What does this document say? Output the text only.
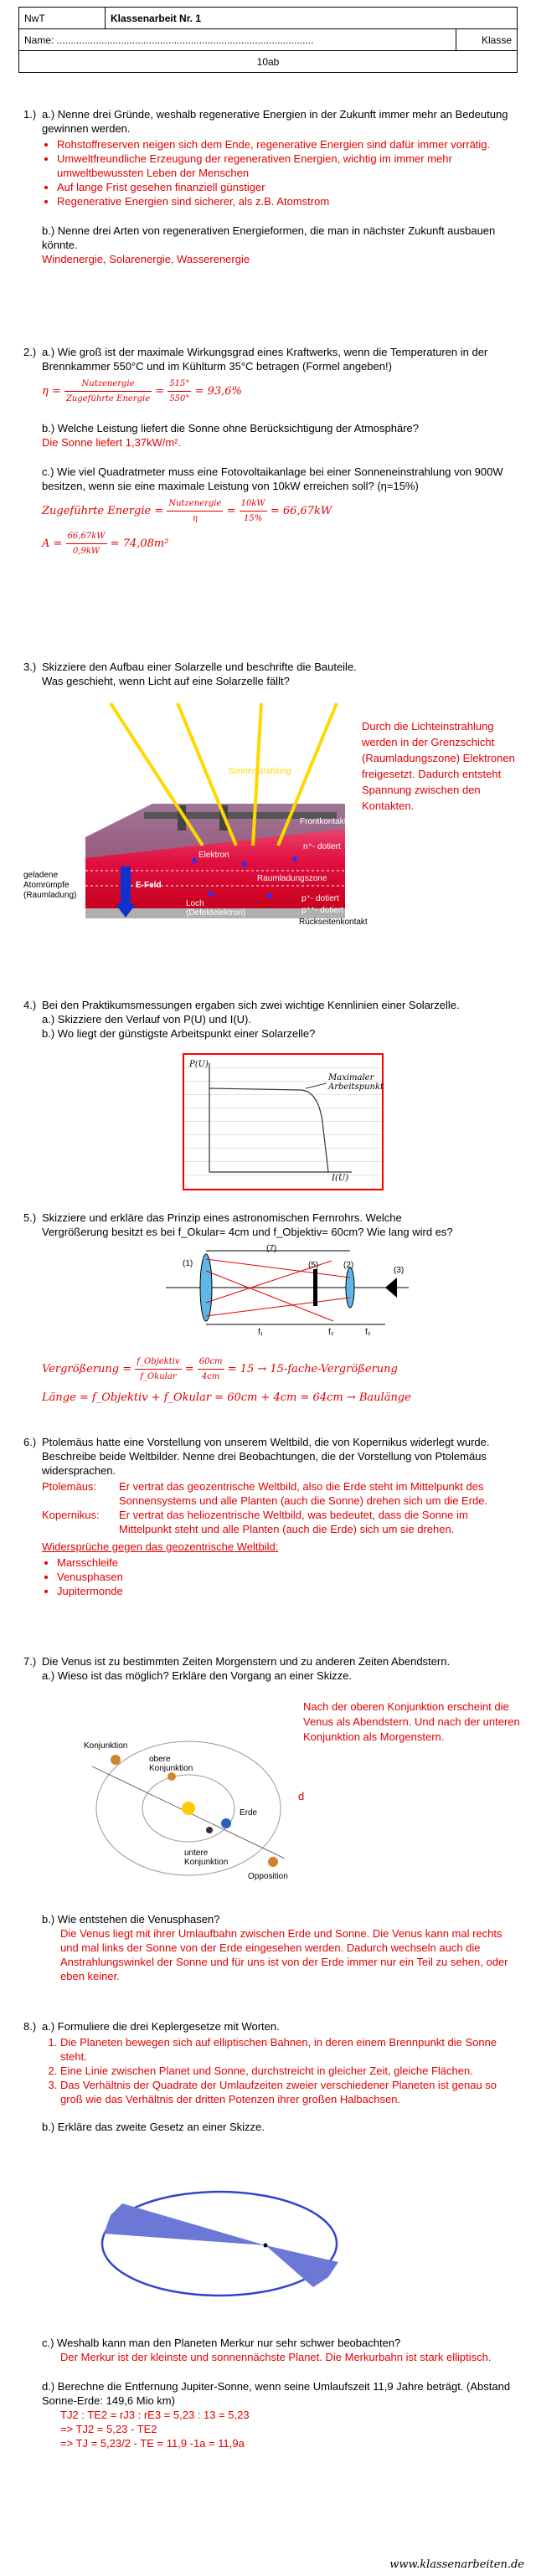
NwT	Klassenarbeit Nr. 1	
Name: ............................................................................................		Klasse
10ab		
1.) a.) Nenne drei Gründe, weshalb regenerative Energien in der Zukunft immer mehr an Bedeutung gewinnen werden.

• Rohstoffreserven neigen sich dem Ende, regenerative Energien sind dafür immer vorrätig.
• Umweltfreundliche Erzeugung der regenerativen Energien, wichtig im immer mehr umweltbewussten Leben der Menschen
• Auf lange Frist gesehen finanziell günstiger
• Regenerative Energien sind sicherer, als z.B. Atomstrom

b.) Nenne drei Arten von regenerativen Energieformen, die man in nächster Zukunft ausbauen könnte.

Windenergie, Solarenergie, Wasserenergie

2.) a.) Wie groß ist der maximale Wirkungsgrad eines Kraftwerks, wenn die Temperaturen in der Brennkammer 550°C und im Kühlturm 35°C betragen (Formel angeben!)

$\eta = \frac{\text{Nutzenergie}}{\text{Zugeführte Energie}} = \frac{515^\circ}{550^\circ} = 93,6\%$

b.) Welche Leistung liefert die Sonne ohne Berücksichtigung der Atmosphäre?

Die Sonne liefert 1,37kW/m².

c.) Wie viel Quadratmeter muss eine Fotovoltaikanlage bei einer Sonneneinstrahlung von 900W besitzen, wenn sie eine maximale Leistung von 10kW erreichen soll? (η=15%)

Zugeführte Energie = $\frac{\text{Nutzenergie}}{\eta} = \frac{10kW}{15\%} = 66,67kW$

$A = \frac{66,67kW}{0,9kW} = 74,08m^2$

3.) Skizziere den Aufbau einer Solarzelle und beschrifte die Bauteile.

Was geschieht, wenn Licht auf eine Solarzelle fällt?

Sonnenstrahlung
Frontkontakt
n⁺- dotiert
Elektron
Raumladungszone
E-Feld
geladene Atomrümpfe (Raumladung)
Loch (Defektelektron)
p⁺- dotiert
p⁺⁺- dotiert
Rückseitenkontakt

Durch die Lichteinstrahlung werden in der Grenzschicht (Raumladungszone) Elektronen freigesetzt. Dadurch entsteht Spannung zwischen den Kontakten.

4.) Bei den Praktikumsmessungen ergaben sich zwei wichtige Kennlinien einer Solarzelle.

a.) Skizziere den Verlauf von P(U) und I(U).

b.) Wo liegt der günstigste Arbeitspunkt einer Solarzelle?

P(U)
I(U)
Maximaler Arbeitspunkt
5.) Skizziere und erkläre das Prinzip eines astronomischen Fernrohrs. Welche

Vergrößerung besitzt es bei f_Okular= 4cm und f_Objektiv= 60cm? Wie lang wird es?

(1)
(7)
(5)	(2)
(3)
f₁	f₂	f₂

Vergrößerung = $\frac{\text{f\_Objektiv}}{\text{f\_Okular}} = \frac{60cm}{4cm} = 15$ → 15-fache-Vergrößerung

Länge = f_Objektiv + f_Okular = 60cm + 4cm = 64cm → Baulänge

6.) Ptolemäus hatte eine Vorstellung von unserem Weltbild, die von Kopernikus widerlegt wurde. Beschreibe beide Weltbilder. Nenne drei Beobachtungen, die der Vorstellung von Ptolemäus widersprachen.

Ptolemäus:	Er vertrat das geozentrische Weltbild, also die Erde steht im Mittelpunkt des Sonnensystems und alle Planten (auch die Sonne) drehen sich um die Erde.
Kopernikus:	Er vertrat das heliozentrische Weltbild, was bedeutet, dass die Sonne im Mittelpunkt steht und alle Planten (auch die Erde) sich um sie drehen.

Widersprüche gegen das geozentrische Weltbild:

• Marsschleife
• Venusphasen
• Jupitermonde
7.) Die Venus ist zu bestimmten Zeiten Morgenstern und zu anderen Zeiten Abendstern.

a.) Wieso ist das möglich? Erkläre den Vorgang an einer Skizze.

Nach der oberen Konjunktion erscheint die Venus als Abendstern. Und nach der unteren Konjunktion als Morgenstern.

d
Konjunktion
obere Konjunktion
untere Konjunktion
Erde
Opposition

b.) Wie entstehen die Venusphasen?

Die Venus liegt mit ihrer Umlaufbahn zwischen Erde und Sonne. Die Venus kann mal rechts und mal links der Sonne von der Erde eingesehen werden. Dadurch wechseln auch die Anstrahlungswinkel der Sonne und für uns ist von der Erde immer nur ein Teil zu sehen, oder eben keiner.

8.) a.) Formuliere die drei Keplergesetze mit Worten.

1. Die Planeten bewegen sich auf elliptischen Bahnen, in deren einem Brennpunkt die Sonne steht.
2. Eine Linie zwischen Planet und Sonne, durchstreicht in gleicher Zeit, gleiche Flächen.
3. Das Verhältnis der Quadrate der Umlaufzeiten zweier verschiedener Planeten ist genau so groß wie das Verhältnis der dritten Potenzen ihrer großen Halbachsen.

b.) Erkläre das zweite Gesetz an einer Skizze.

c.) Weshalb kann man den Planeten Merkur nur sehr schwer beobachten?

Der Merkur ist der kleinste und sonnennächste Planet. Die Merkurbahn ist stark elliptisch.

d.) Berechne die Entfernung Jupiter-Sonne, wenn seine Umlaufszeit 11,9 Jahre beträgt. (Abstand Sonne-Erde: 149,6 Mio km)

TJ2 : TE2 = rJ3 : rE3 = 5,23 : 13 = 5,23

=> TJ2 = 5,23 - TE2

=> TJ = 5,23/2 - TE = 11,9 -1a = 11,9a

www.klassenarbeiten.de
